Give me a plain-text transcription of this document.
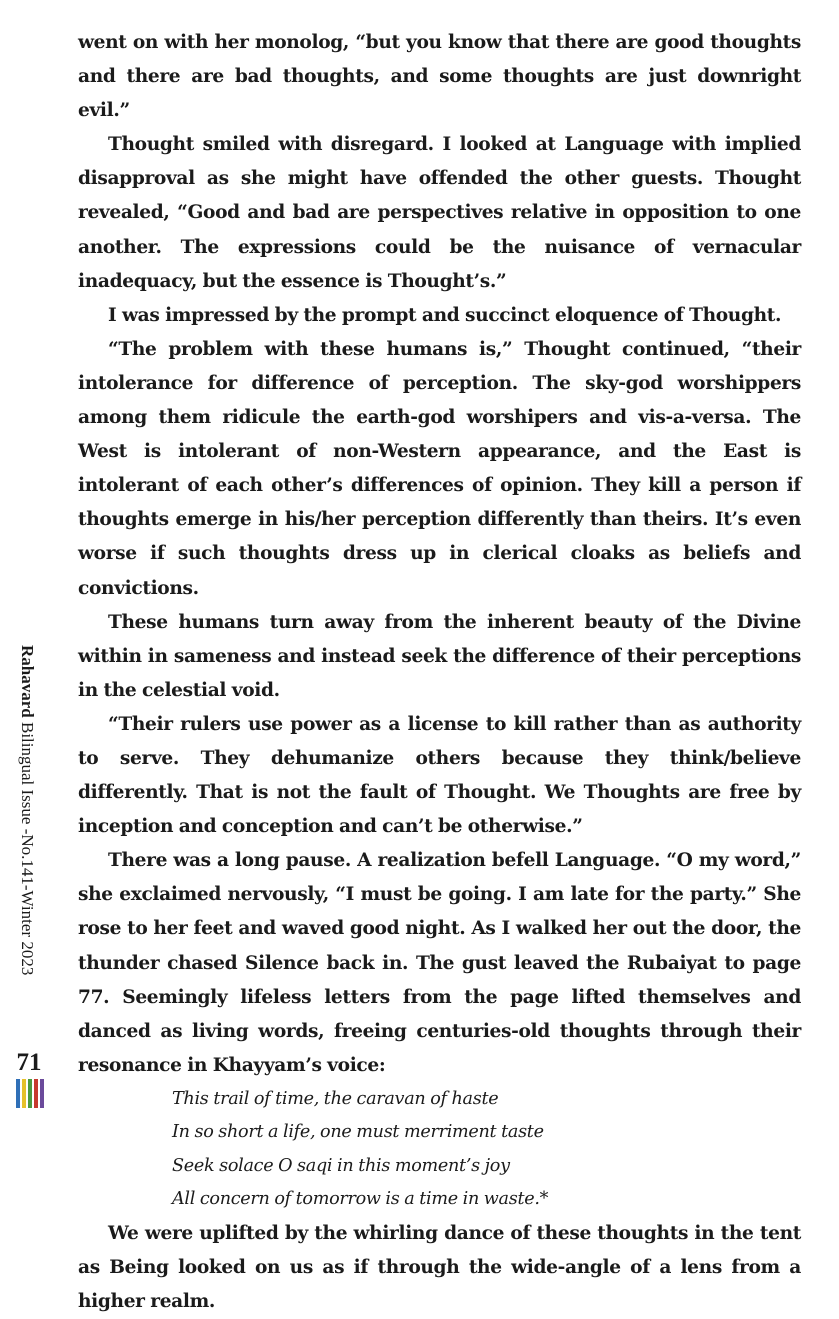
went on with her monolog, “but you know that there are good thoughts and there are bad thoughts, and some thoughts are just downright evil.”

Thought smiled with disregard. I looked at Language with implied disapproval as she might have offended the other guests. Thought revealed, “Good and bad are perspectives relative in opposition to one another. The expressions could be the nuisance of vernacular inadequacy, but the essence is Thought’s.”

I was impressed by the prompt and succinct eloquence of Thought.

“The problem with these humans is,” Thought continued, “their intolerance for difference of perception. The sky-god worshippers among them ridicule the earth-god worshipers and vis-a-versa. The West is intolerant of non-Western appearance, and the East is intolerant of each other’s differences of opinion. They kill a person if thoughts emerge in his/her perception differently than theirs. It’s even worse if such thoughts dress up in clerical cloaks as beliefs and convictions.

These humans turn away from the inherent beauty of the Divine within in sameness and instead seek the difference of their perceptions in the celestial void.

“Their rulers use power as a license to kill rather than as authority to serve. They dehumanize others because they think/believe differently. That is not the fault of Thought. We Thoughts are free by inception and conception and can’t be otherwise.”

There was a long pause. A realization befell Language. “O my word,” she exclaimed nervously, “I must be going. I am late for the party.” She rose to her feet and waved good night. As I walked her out the door, the thunder chased Silence back in. The gust leaved the Rubaiyat to page 77. Seemingly lifeless letters from the page lifted themselves and danced as living words, freeing centuries-old thoughts through their resonance in Khayyam’s voice:

This trail of time, the caravan of haste
In so short a life, one must merriment taste
Seek solace O saqi in this moment’s joy
All concern of tomorrow is a time in waste.*

We were uplifted by the whirling dance of these thoughts in the tent as Being looked on us as if through the wide-angle of a lens from a higher realm.

Rahavard Bilingual Issue -No.141-Winter 2023
71
